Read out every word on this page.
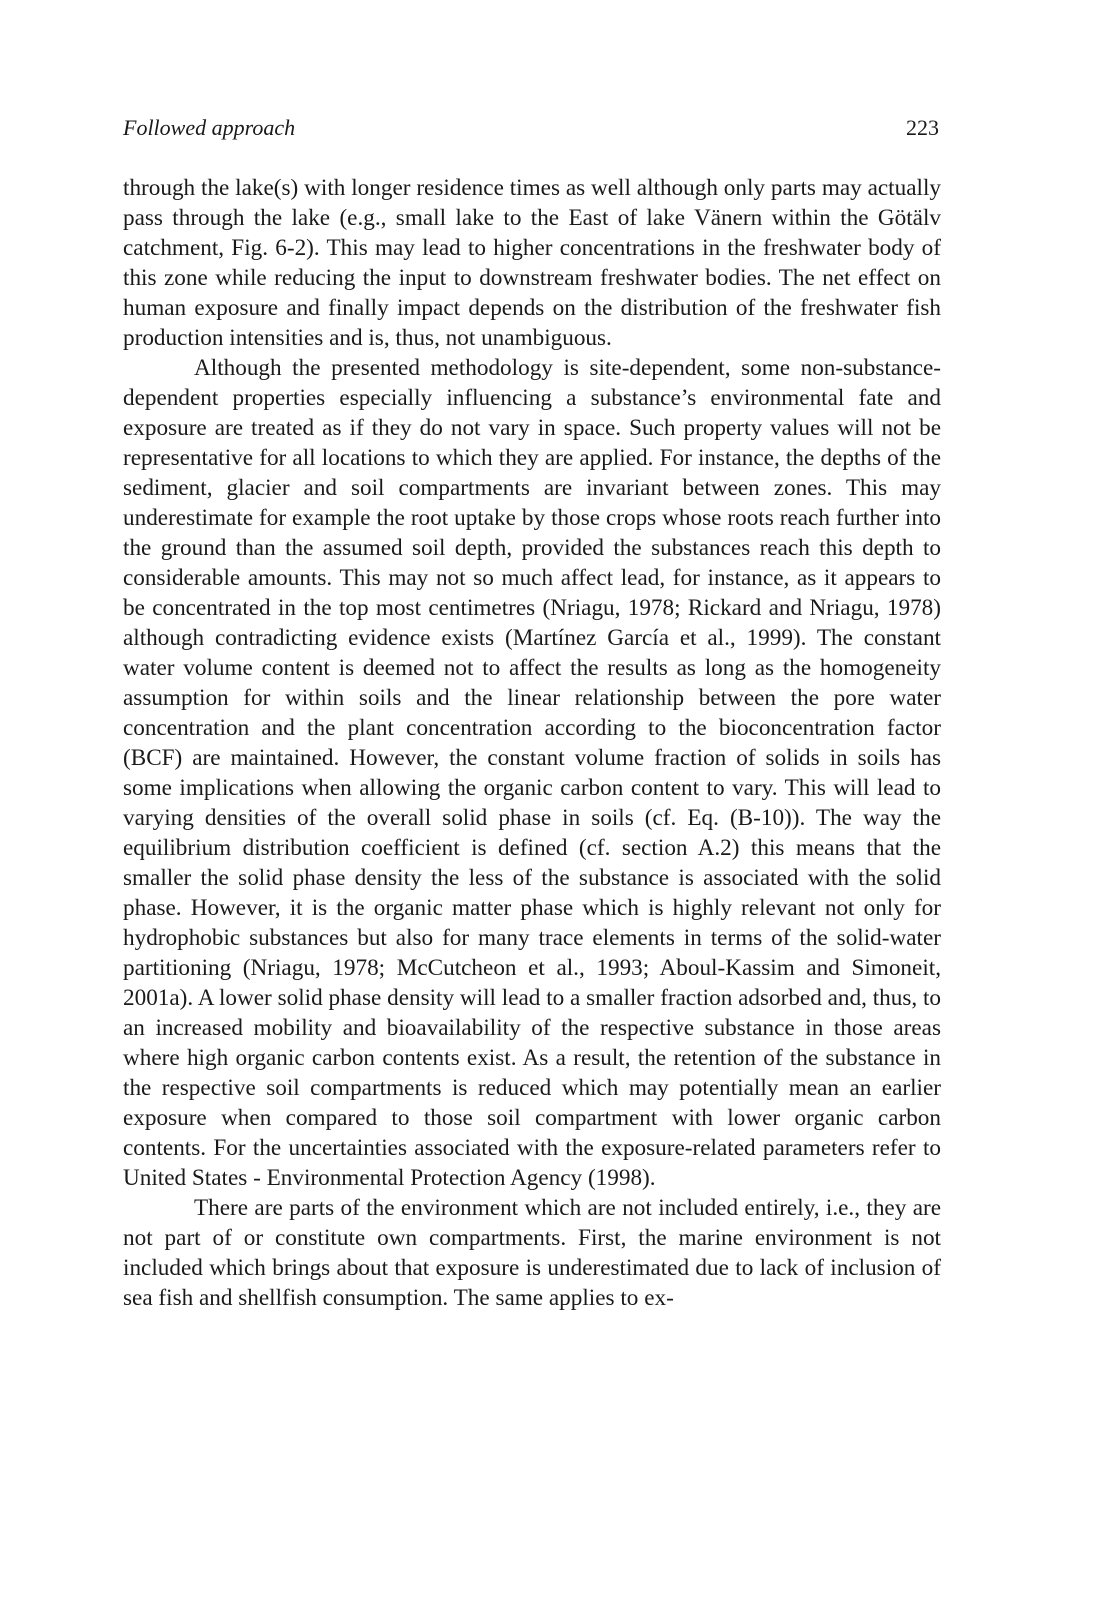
Followed approach	223

through the lake(s) with longer residence times as well although only parts may actually pass through the lake (e.g., small lake to the East of lake Vänern within the Götälv catchment, Fig. 6-2). This may lead to higher concentrations in the freshwater body of this zone while reducing the input to downstream freshwater bodies. The net effect on human exposure and finally impact depends on the distribution of the freshwater fish production intensities and is, thus, not unambiguous.

Although the presented methodology is site-dependent, some non-substance-dependent properties especially influencing a substance’s environmental fate and exposure are treated as if they do not vary in space. Such property values will not be representative for all locations to which they are applied. For instance, the depths of the sediment, glacier and soil compartments are invariant between zones. This may underestimate for example the root uptake by those crops whose roots reach further into the ground than the assumed soil depth, provided the substances reach this depth to considerable amounts. This may not so much affect lead, for instance, as it appears to be concentrated in the top most centimetres (Nriagu, 1978; Rickard and Nriagu, 1978) although contradicting evidence exists (Martínez García et al., 1999). The constant water volume content is deemed not to affect the results as long as the homogeneity assumption for within soils and the linear relationship between the pore water concentration and the plant concentration according to the bioconcentration factor (BCF) are maintained. However, the constant volume fraction of solids in soils has some implications when allowing the organic carbon content to vary. This will lead to varying densities of the overall solid phase in soils (cf. Eq. (B-10)). The way the equilibrium distribution coefficient is defined (cf. section A.2) this means that the smaller the solid phase density the less of the substance is associated with the solid phase. However, it is the organic matter phase which is highly relevant not only for hydrophobic substances but also for many trace elements in terms of the solid-water partitioning (Nriagu, 1978; McCutcheon et al., 1993; Aboul-Kassim and Simoneit, 2001a). A lower solid phase density will lead to a smaller fraction adsorbed and, thus, to an increased mobility and bioavailability of the respective substance in those areas where high organic carbon contents exist. As a result, the retention of the substance in the respective soil compartments is reduced which may potentially mean an earlier exposure when compared to those soil compartment with lower organic carbon contents. For the uncertainties associated with the exposure-related parameters refer to United States - Environmental Protection Agency (1998).

There are parts of the environment which are not included entirely, i.e., they are not part of or constitute own compartments. First, the marine environment is not included which brings about that exposure is underestimated due to lack of inclusion of sea fish and shellfish consumption. The same applies to ex-
